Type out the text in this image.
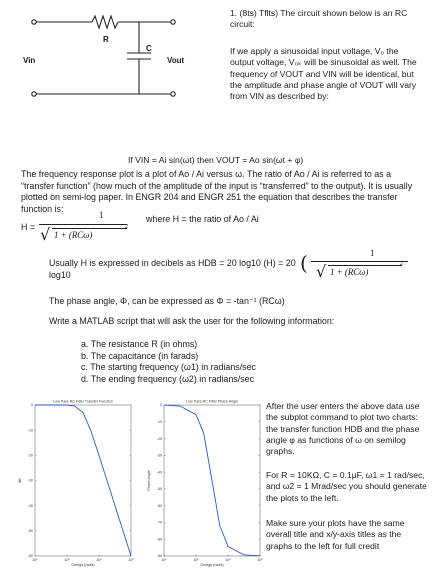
R
C
Vin	Vout
1. (8ts) Tflts) The circuit shown below is an RC circuit:
If we apply a sinusoidal input voltage, V₀ the output voltage, V₀ₖ will be sinusoidal as well. The frequency of VOUT and VIN will be identical, but the amplitude and phase angle of VOUT will vary from VIN as described by:
If VIN = Ai sin(ωt) then VOUT = Ao sin(ωt + φ)
The frequency response plot is a plot of Ao / Ai versus ω. The ratio of Ao / Ai is referred to as a “transfer function” (how much of the amplitude of the input is “transferred” to the output). It is usually plotted on semi-log paper. In ENGR 204 and ENGR 251 the equation that describes the transfer function is:
H =
1
√ 1 + (RCω)
2
where H = the ratio of Ao / Ai
Usually H is expressed in decibels as HDB = 20 log10 (H) = 20 log10	(	1
√ 1 + (RCω)
2
The phase angle, Φ, can be expressed as Φ = -tan⁻¹ (RCω)
Write a MATLAB script that will ask the user for the following information:
a. The resistance R (in ohms)
b. The capacitance (in farads)
c. The starting frequency (ω1) in radians/sec
d. The ending frequency (ω2) in radians/sec
Low Pass RC Filter Transfer Function
0
-10
-20
-30
-40
-50
-60
10⁰	10²	10⁴	10⁶
Omega (rad/s)
dB
Low Pass RC Filter Phase Angle
0
-10
-20
-30
-40
-50
-60
-70
-80
-90
10⁰	10²	10⁴	10⁶
Omega (rad/s)
Phase Angle
After the user enters the above data use the subplot command to plot two charts: the transfer function HDB and the phase angle φ as functions of ω on semilog graphs.
For R = 10KΩ, C = 0.1μF, ω1 = 1 rad/sec, and ω2 = 1 Mrad/sec you should generate the plots to the left.
Make sure your plots have the same overall title and x/y-axis titles as the graphs to the left for full credit
